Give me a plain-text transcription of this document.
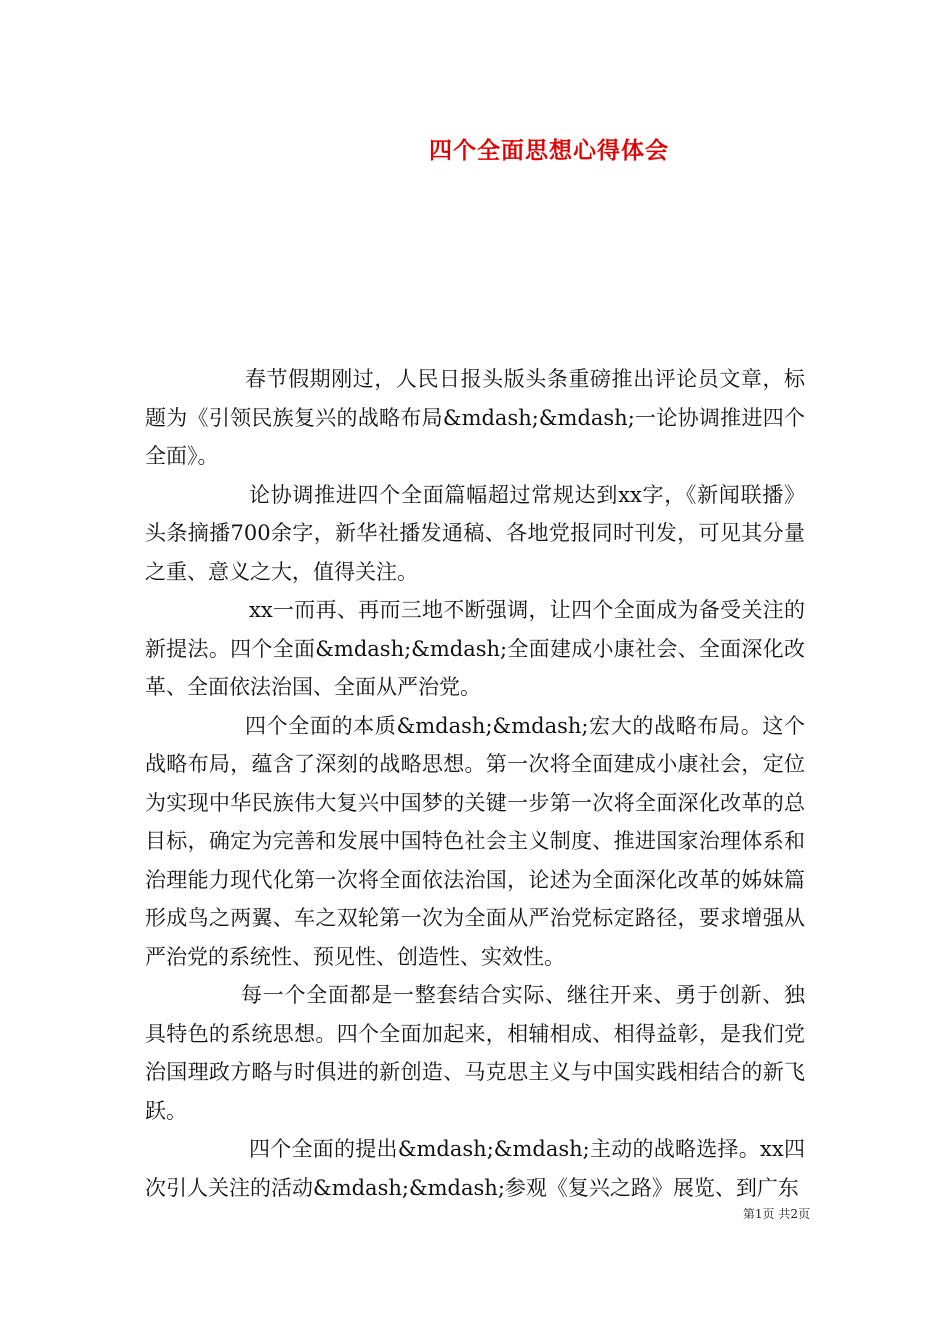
四个全面思想心得体会

春节假期刚过，人民日报头版头条重磅推出评论员文章，标题为《引领民族复兴的战略布局&mdash;&mdash;一论协调推进四个全面》。

论协调推进四个全面篇幅超过常规达到xx字，《新闻联播》头条摘播700余字，新华社播发通稿、各地党报同时刊发，可见其分量之重、意义之大，值得关注。

xx一而再、再而三地不断强调，让四个全面成为备受关注的新提法。四个全面&mdash;&mdash;全面建成小康社会、全面深化改革、全面依法治国、全面从严治党。

四个全面的本质&mdash;&mdash;宏大的战略布局。这个战略布局，蕴含了深刻的战略思想。第一次将全面建成小康社会，定位为实现中华民族伟大复兴中国梦的关键一步第一次将全面深化改革的总目标，确定为完善和发展中国特色社会主义制度、推进国家治理体系和治理能力现代化第一次将全面依法治国，论述为全面深化改革的姊妹篇形成鸟之两翼、车之双轮第一次为全面从严治党标定路径，要求增强从严治党的系统性、预见性、创造性、实效性。

每一个全面都是一整套结合实际、继往开来、勇于创新、独具特色的系统思想。四个全面加起来，相辅相成、相得益彰，是我们党治国理政方略与时俱进的新创造、马克思主义与中国实践相结合的新飞跃。

四个全面的提出&mdash;&mdash;主动的战略选择。xx四次引人关注的活动&mdash;&mdash;参观《复兴之路》展览、到广东

第1页 共2页
